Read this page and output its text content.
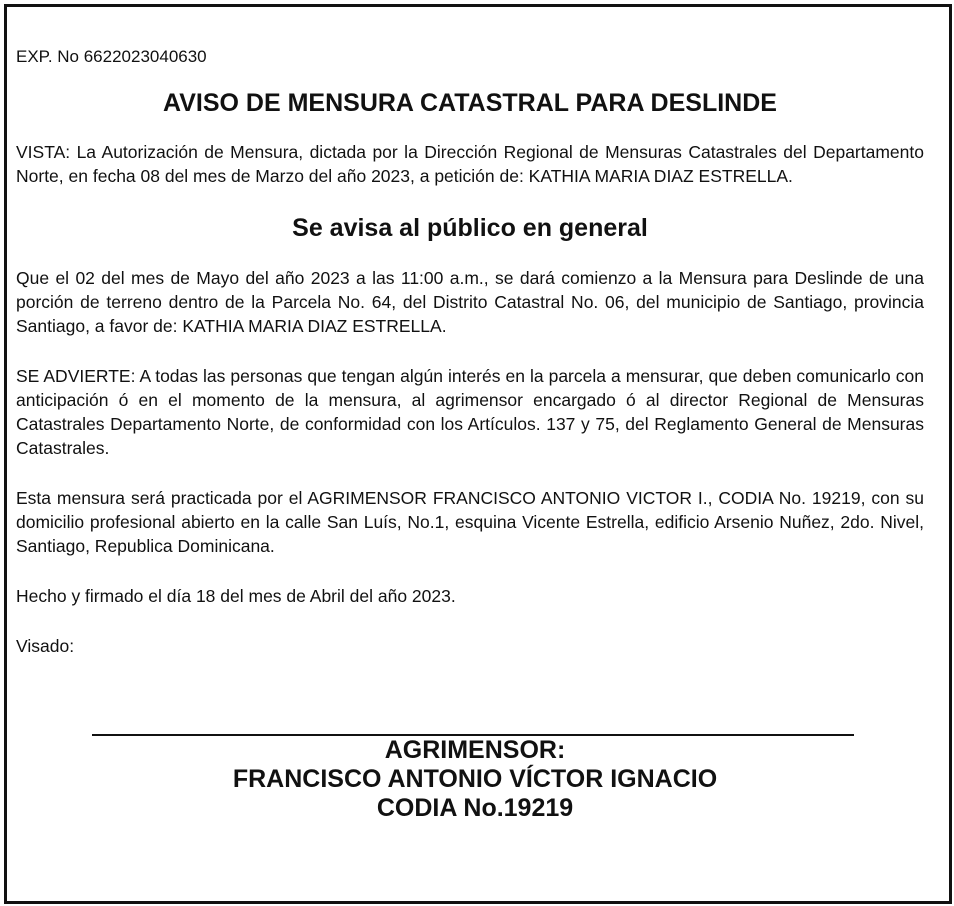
EXP. No 6622023040630

AVISO DE MENSURA CATASTRAL PARA DESLINDE

VISTA: La Autorización de Mensura, dictada por la Dirección Regional de Mensuras Catastrales del Departamento Norte, en fecha 08 del mes de Marzo del año 2023, a petición de: KATHIA MARIA DIAZ ESTRELLA.

Se avisa al público en general

Que el 02 del mes de Mayo del año 2023 a las 11:00 a.m., se dará comienzo a la Mensura para Deslinde de una porción de terreno dentro de la Parcela No. 64, del Distrito Catastral No. 06, del municipio de Santiago, provincia Santiago, a favor de: KATHIA MARIA DIAZ ESTRELLA.

SE ADVIERTE: A todas las personas que tengan algún interés en la parcela a mensurar, que deben comunicarlo con anticipación ó en el momento de la mensura, al agrimensor encargado ó al director Regional de Mensuras Catastrales Departamento Norte, de conformidad con los Artículos. 137 y 75, del Reglamento General de Mensuras Catastrales.

Esta mensura será practicada por el AGRIMENSOR FRANCISCO ANTONIO VICTOR I., CODIA No. 19219, con su domicilio profesional abierto en la calle San Luís, No.1, esquina Vicente Estrella, edificio Arsenio Nuñez, 2do. Nivel, Santiago, Republica Dominicana.

Hecho y firmado el día 18 del mes de Abril del año 2023.

Visado:

AGRIMENSOR:
FRANCISCO ANTONIO VÍCTOR IGNACIO
CODIA No.19219
